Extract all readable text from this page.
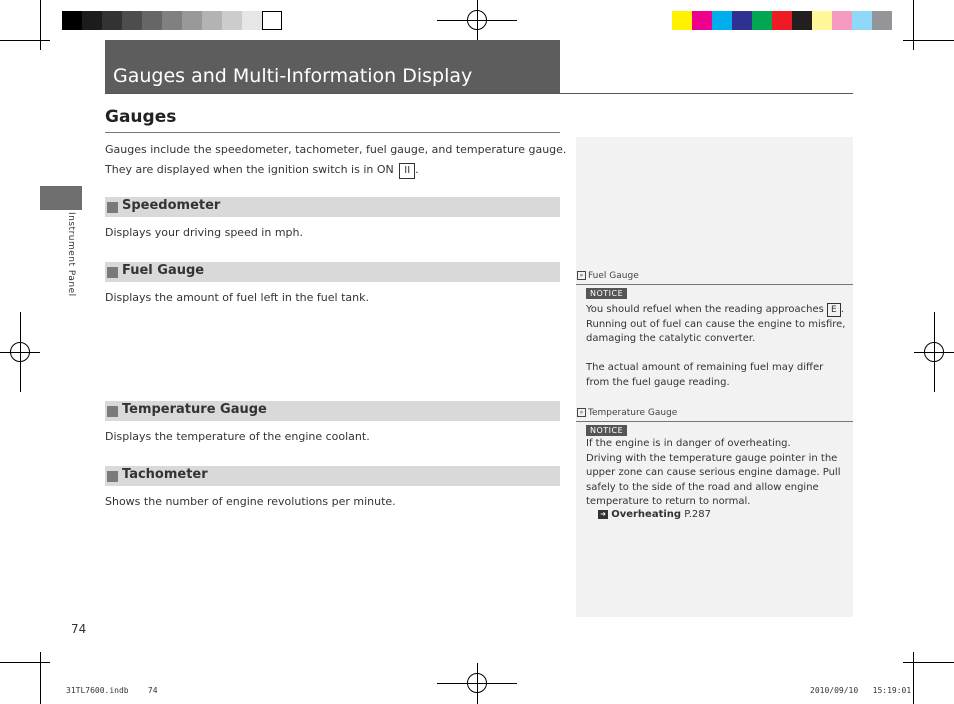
Gauges and Multi-Information Display
Gauges
Gauges include the speedometer, tachometer, fuel gauge, and temperature gauge.
They are displayed when the ignition switch is in ON II .
Instrument Panel
Speedometer
Displays your driving speed in mph.
Fuel Gauge
Displays the amount of fuel left in the fuel tank.
Temperature Gauge
Displays the temperature of the engine coolant.
Tachometer
Shows the number of engine revolutions per minute.
» Fuel Gauge
NOTICE
You should refuel when the reading approaches E .
Running out of fuel can cause the engine to misfire,
damaging the catalytic converter.
The actual amount of remaining fuel may differ
from the fuel gauge reading.
» Temperature Gauge
NOTICE
If the engine is in danger of overheating.
Driving with the temperature gauge pointer in the
upper zone can cause serious engine damage. Pull
safely to the side of the road and allow engine
temperature to return to normal.
➜ Overheating P.287
74
31TL7600.indb 74	2010/09/10 15:19:01
